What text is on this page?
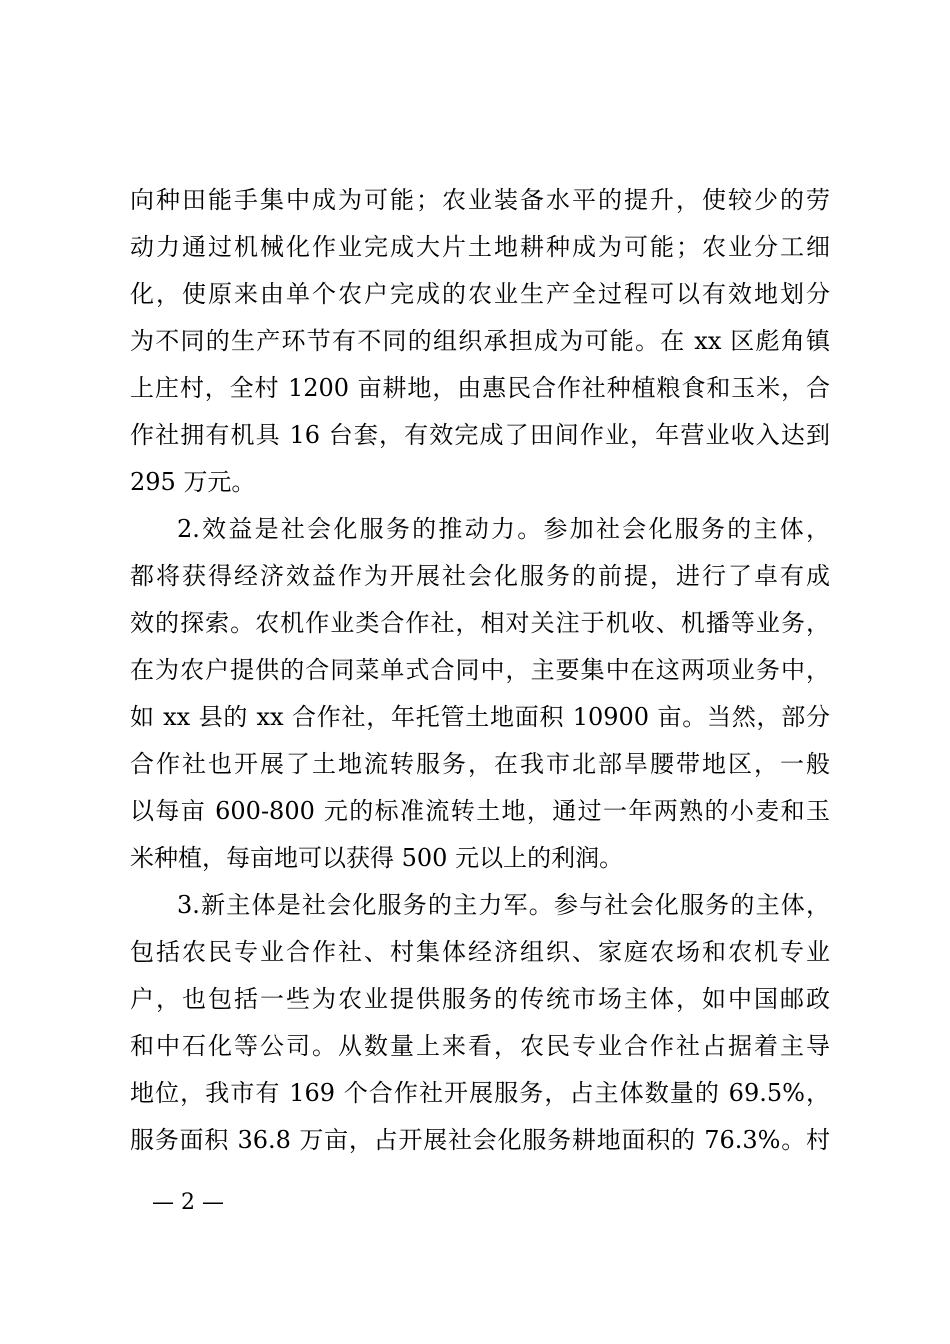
向种田能手集中成为可能；农业装备水平的提升，使较少的劳
动力通过机械化作业完成大片土地耕种成为可能；农业分工细
化，使原来由单个农户完成的农业生产全过程可以有效地划分
为不同的生产环节有不同的组织承担成为可能。在 xx 区彪角镇
上庄村，全村 1200 亩耕地，由惠民合作社种植粮食和玉米，合
作社拥有机具 16 台套，有效完成了田间作业，年营业收入达到
295 万元。
2.效益是社会化服务的推动力。参加社会化服务的主体，
都将获得经济效益作为开展社会化服务的前提，进行了卓有成
效的探索。农机作业类合作社，相对关注于机收、机播等业务，
在为农户提供的合同菜单式合同中，主要集中在这两项业务中，
如 xx 县的 xx 合作社，年托管土地面积 10900 亩。当然，部分
合作社也开展了土地流转服务，在我市北部旱腰带地区，一般
以每亩 600-800 元的标准流转土地，通过一年两熟的小麦和玉
米种植，每亩地可以获得 500 元以上的利润。
3.新主体是社会化服务的主力军。参与社会化服务的主体，
包括农民专业合作社、村集体经济组织、家庭农场和农机专业
户，也包括一些为农业提供服务的传统市场主体，如中国邮政
和中石化等公司。从数量上来看，农民专业合作社占据着主导
地位，我市有 169 个合作社开展服务，占主体数量的 69.5%，
服务面积 36.8 万亩，占开展社会化服务耕地面积的 76.3%。村
— 2 —
